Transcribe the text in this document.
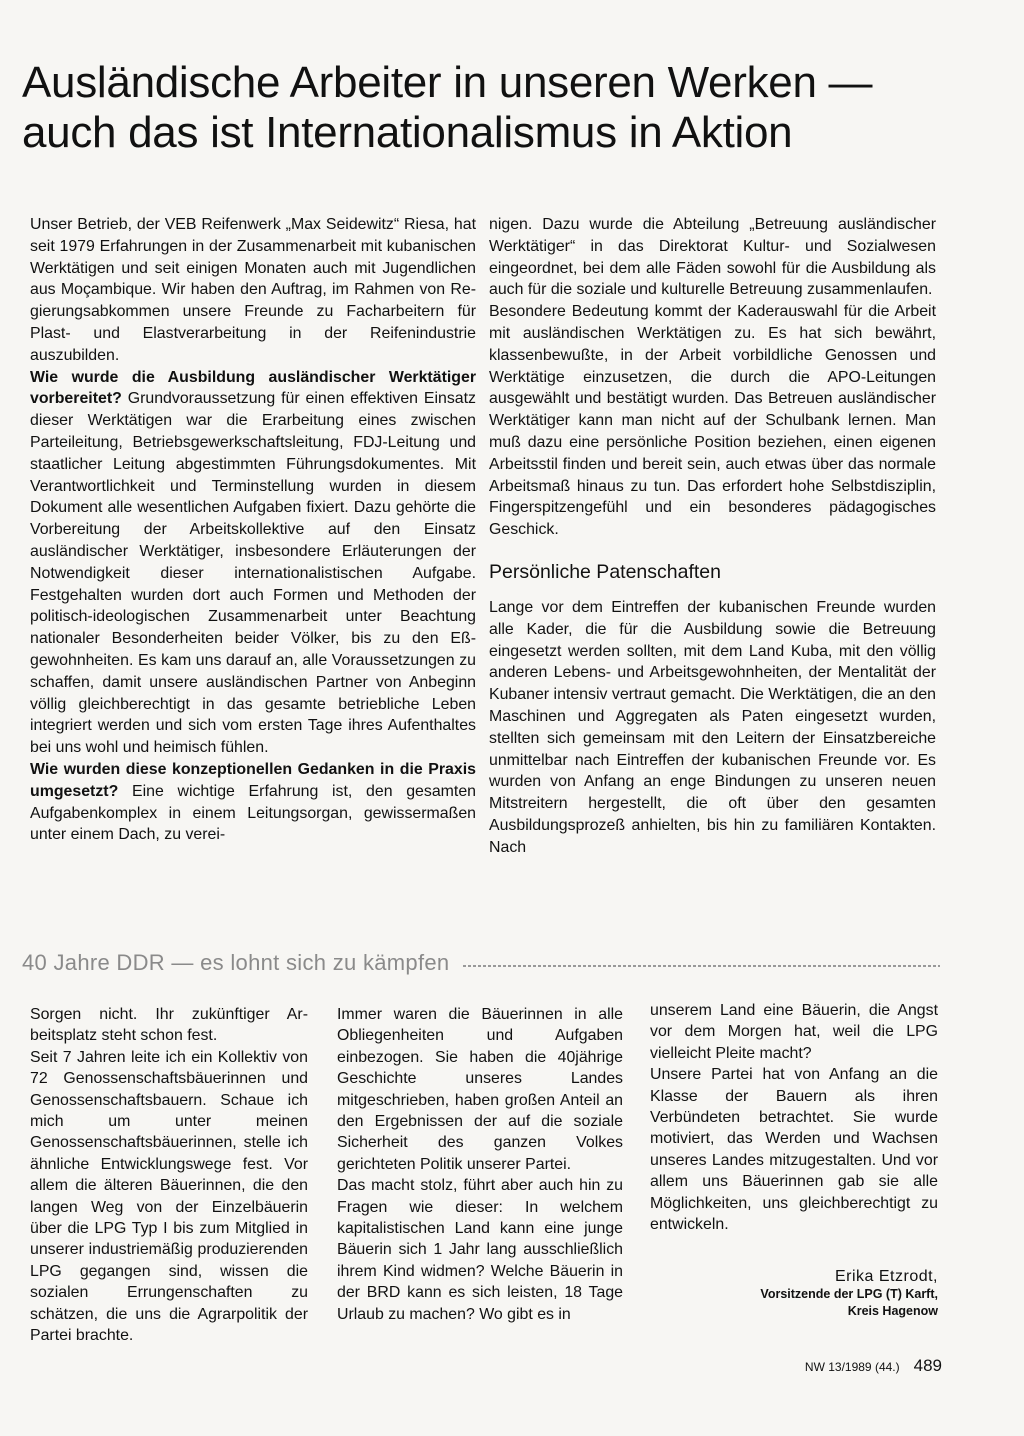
Ausländische Arbeiter in unseren Werken —
auch das ist Internationalismus in Aktion

Unser Betrieb, der VEB Reifenwerk „Max Seidewitz“ Riesa, hat seit 1979 Erfahrungen in der Zusammenarbeit mit kubanischen Werktätigen und seit einigen Monaten auch mit Jugendlichen aus Moçambique. Wir haben den Auftrag, im Rahmen von Regierungsabkommen unsere Freunde zu Facharbeitern für Plast- und Elastverarbeitung in der Reifenindustrie auszubilden.

Wie wurde die Ausbildung ausländischer Werktätiger vorbereitet? Grundvoraussetzung für einen effektiven Einsatz dieser Werktätigen war die Erarbeitung eines zwischen Parteileitung, Betriebsgewerkschaftsleitung, FDJ-Leitung und staatlicher Leitung abgestimmten Führungsdokumentes. Mit Verantwortlichkeit und Terminstellung wurden in diesem Dokument alle wesentlichen Aufgaben fixiert. Dazu gehörte die Vorbereitung der Arbeitskollektive auf den Einsatz ausländischer Werktätiger, insbesondere Erläuterungen der Notwendigkeit dieser internationalistischen Aufgabe. Festgehalten wurden dort auch Formen und Methoden der politisch-ideologischen Zusammenarbeit unter Beachtung nationaler Besonderheiten beider Völker, bis zu den Eßgewohnheiten. Es kam uns darauf an, alle Voraussetzungen zu schaffen, damit unsere ausländischen Partner von Anbeginn völlig gleichberechtigt in das gesamte betriebliche Leben integriert werden und sich vom ersten Tage ihres Aufenthaltes bei uns wohl und heimisch fühlen.

Wie wurden diese konzeptionellen Gedanken in die Praxis umgesetzt? Eine wichtige Erfahrung ist, den gesamten Aufgabenkomplex in einem Leitungsorgan, gewissermaßen unter einem Dach, zu verei-

nigen. Dazu wurde die Abteilung „Betreuung ausländischer Werktätiger“ in das Direktorat Kultur- und Sozialwesen eingeordnet, bei dem alle Fäden sowohl für die Ausbildung als auch für die soziale und kulturelle Betreuung zusammenlaufen.

Besondere Bedeutung kommt der Kaderauswahl für die Arbeit mit ausländischen Werktätigen zu. Es hat sich bewährt, klassenbewußte, in der Arbeit vorbildliche Genossen und Werktätige einzusetzen, die durch die APO-Leitungen ausgewählt und bestätigt wurden. Das Betreuen ausländischer Werktätiger kann man nicht auf der Schulbank lernen. Man muß dazu eine persönliche Position beziehen, einen eigenen Arbeitsstil finden und bereit sein, auch etwas über das normale Arbeitsmaß hinaus zu tun. Das erfordert hohe Selbstdisziplin, Fingerspitzengefühl und ein besonderes pädagogisches Geschick.

Persönliche Patenschaften

Lange vor dem Eintreffen der kubanischen Freunde wurden alle Kader, die für die Ausbildung sowie die Betreuung eingesetzt werden sollten, mit dem Land Kuba, mit den völlig anderen Lebens- und Arbeitsgewohnheiten, der Mentalität der Kubaner intensiv vertraut gemacht. Die Werktätigen, die an den Maschinen und Aggregaten als Paten eingesetzt wurden, stellten sich gemeinsam mit den Leitern der Einsatzbereiche unmittelbar nach Eintreffen der kubanischen Freunde vor. Es wurden von Anfang an enge Bindungen zu unseren neuen Mitstreitern hergestellt, die oft über den gesamten Ausbildungsprozeß anhielten, bis hin zu familiären Kontakten. Nach

40 Jahre DDR — es lohnt sich zu kämpfen

Sorgen nicht. Ihr zukünftiger Arbeitsplatz steht schon fest.

Seit 7 Jahren leite ich ein Kollektiv von 72 Genossenschaftsbäuerinnen und Genossenschaftsbauern. Schaue ich mich um unter meinen Genossenschaftsbäuerinnen, stelle ich ähnliche Entwicklungswege fest. Vor allem die älteren Bäuerinnen, die den langen Weg von der Einzelbäuerin über die LPG Typ I bis zum Mitglied in unserer industriemäßig produzierenden LPG gegangen sind, wissen die sozialen Errungenschaften zu schätzen, die uns die Agrarpolitik der Partei brachte.

Immer waren die Bäuerinnen in alle Obliegenheiten und Aufgaben einbezogen. Sie haben die 40jährige Geschichte unseres Landes mitgeschrieben, haben großen Anteil an den Ergebnissen der auf die soziale Sicherheit des ganzen Volkes gerichteten Politik unserer Partei.

Das macht stolz, führt aber auch hin zu Fragen wie dieser: In welchem kapitalistischen Land kann eine junge Bäuerin sich 1 Jahr lang ausschließlich ihrem Kind widmen? Welche Bäuerin in der BRD kann es sich leisten, 18 Tage Urlaub zu machen? Wo gibt es in

unserem Land eine Bäuerin, die Angst vor dem Morgen hat, weil die LPG vielleicht Pleite macht?

Unsere Partei hat von Anfang an die Klasse der Bauern als ihren Verbündeten betrachtet. Sie wurde motiviert, das Werden und Wachsen unseres Landes mitzugestalten. Und vor allem uns Bäuerinnen gab sie alle Möglichkeiten, uns gleichberechtigt zu entwickeln.

Erika Etzrodt,
Vorsitzende der LPG (T) Karft, Kreis Hagenow
NW 13/1989 (44.) 489
